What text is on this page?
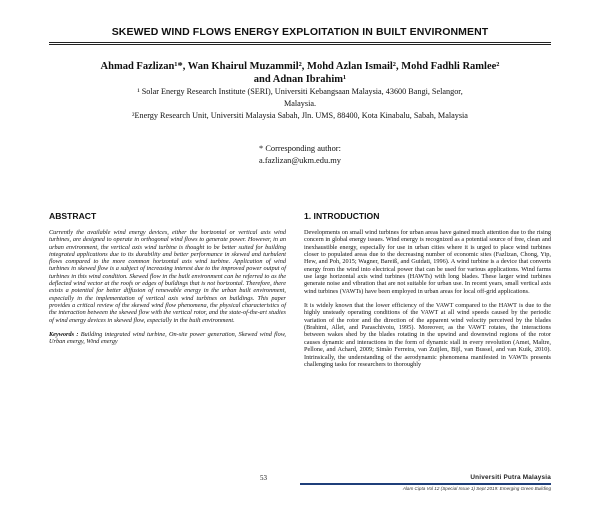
SKEWED WIND FLOWS ENERGY EXPLOITATION IN BUILT ENVIRONMENT
Ahmad Fazlizan¹*, Wan Khairul Muzammil², Mohd Azlan Ismail², Mohd Fadhli Ramlee²
and Adnan Ibrahim¹
¹ Solar Energy Research Institute (SERI), Universiti Kebangsaan Malaysia, 43600 Bangi, Selangor,
Malaysia.
²Energy Research Unit, Universiti Malaysia Sabah, Jln. UMS, 88400, Kota Kinabalu, Sabah, Malaysia
* Corresponding author:
a.fazlizan@ukm.edu.my
ABSTRACT

Currently the available wind energy devices, either the horizontal or vertical axis wind turbines, are designed to operate in orthogonal wind flows to generate power. However, in an urban environment, the vertical axis wind turbine is thought to be better suited for building integrated applications due to its durability and better performance in skewed and turbulent flows compared to the more common horizontal axis wind turbine. Application of wind turbines in skewed flow is a subject of increasing interest due to the improved power output of turbines in this wind condition. Skewed flow in the built environment can be referred to as the deflected wind vector at the roofs or edges of buildings that is not horizontal. Therefore, there exists a potential for better diffusion of renewable energy in the urban built environment, especially in the implementation of vertical axis wind turbines on buildings. This paper provides a critical review of the skewed wind flow phenomena, the physical characteristics of the interaction between the skewed flow with the vertical rotor, and the state-of-the-art studies of wind energy devices in skewed flow, especially in the built environment.

Keywords : Building integrated wind turbine, On-site power generation, Skewed wind flow, Urban energy, Wind energy
1. INTRODUCTION

Developments on small wind turbines for urban areas have gained much attention due to the rising concern in global energy issues. Wind energy is recognized as a potential source of free, clean and inexhaustible energy, especially for use in urban cities where it is urged to place wind turbines closer to populated areas due to the decreasing number of economic sites (Fazlizan, Chong, Yip, Hew, and Poh, 2015; Wagner, Bareiß, and Guidati, 1996). A wind turbine is a device that converts energy from the wind into electrical power that can be used for various applications. Wind farms use large horizontal axis wind turbines (HAWTs) with long blades. These larger wind turbines generate noise and vibration that are not suitable for urban use. In recent years, small vertical axis wind turbines (VAWTs) have been employed in urban areas for local off-grid applications.

It is widely known that the lower efficiency of the VAWT compared to the HAWT is due to the highly unsteady operating conditions of the VAWT at all wind speeds caused by the periodic variation of the rotor and the direction of the apparent wind velocity perceived by the blades (Brahimi, Allet, and Paraschivoiu, 1995). Moreover, as the VAWT rotates, the interactions between wakes shed by the blades rotating in the upwind and downwind regions of the rotor causes dynamic and interactions in the form of dynamic stall in every revolution (Amet, Maître, Pellone, and Achard, 2009; Simão Ferreira, van Zuijlen, Bijl, van Bussel, and van Kuik, 2010). Intrinsically, the understanding of the aerodynamic phenomena manifested in VAWTs presents challenging tasks for researchers to thoroughly

53	Universiti Putra Malaysia
Alam Cipta Vol 12 (Special Issue 1) Sept 2019: Emerging Green Building
